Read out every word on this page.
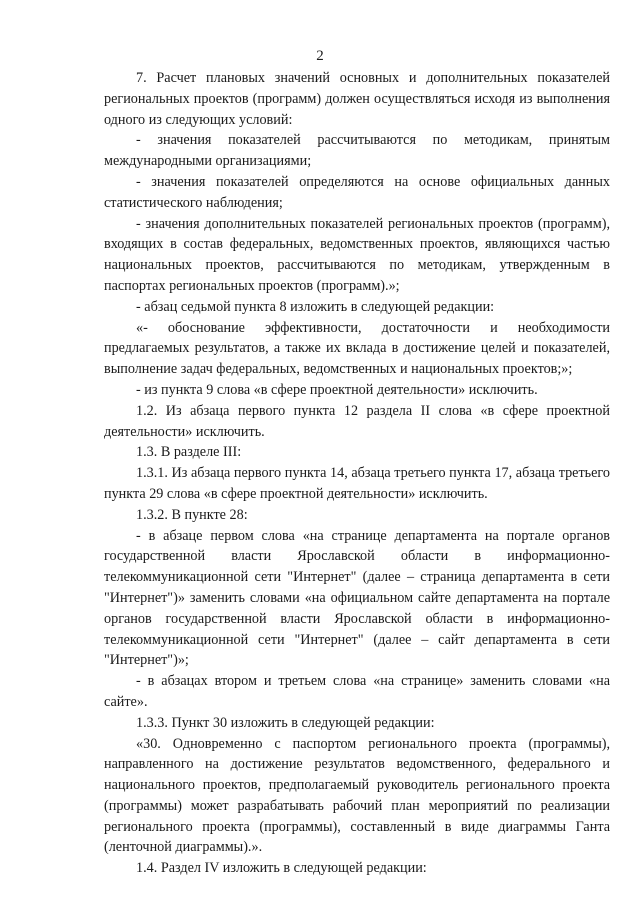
2

7. Расчет плановых значений основных и дополнительных показателей региональных проектов (программ) должен осуществляться исходя из выполнения одного из следующих условий:

- значения показателей рассчитываются по методикам, принятым международными организациями;

- значения показателей определяются на основе официальных данных статистического наблюдения;

- значения дополнительных показателей региональных проектов (программ), входящих в состав федеральных, ведомственных проектов, являющихся частью национальных проектов, рассчитываются по методикам, утвержденным в паспортах региональных проектов (программ).»;

- абзац седьмой пункта 8 изложить в следующей редакции:

«- обоснование эффективности, достаточности и необходимости предлагаемых результатов, а также их вклада в достижение целей и показателей, выполнение задач федеральных, ведомственных и национальных проектов;»;

- из пункта 9 слова «в сфере проектной деятельности» исключить.

1.2. Из абзаца первого пункта 12 раздела II слова «в сфере проектной деятельности» исключить.

1.3. В разделе III:

1.3.1. Из абзаца первого пункта 14, абзаца третьего пункта 17, абзаца третьего пункта 29 слова «в сфере проектной деятельности» исключить.

1.3.2. В пункте 28:

- в абзаце первом слова «на странице департамента на портале органов государственной власти Ярославской области в информационно-телекоммуникационной сети "Интернет" (далее – страница департамента в сети "Интернет")» заменить словами «на официальном сайте департамента на портале органов государственной власти Ярославской области в информационно-телекоммуникационной сети "Интернет" (далее – сайт департамента в сети "Интернет")»;

- в абзацах втором и третьем слова «на странице» заменить словами «на сайте».

1.3.3. Пункт 30 изложить в следующей редакции:

«30. Одновременно с паспортом регионального проекта (программы), направленного на достижение результатов ведомственного, федерального и национального проектов, предполагаемый руководитель регионального проекта (программы) может разрабатывать рабочий план мероприятий по реализации регионального проекта (программы), составленный в виде диаграммы Ганта (ленточной диаграммы).».

1.4. Раздел IV изложить в следующей редакции:
